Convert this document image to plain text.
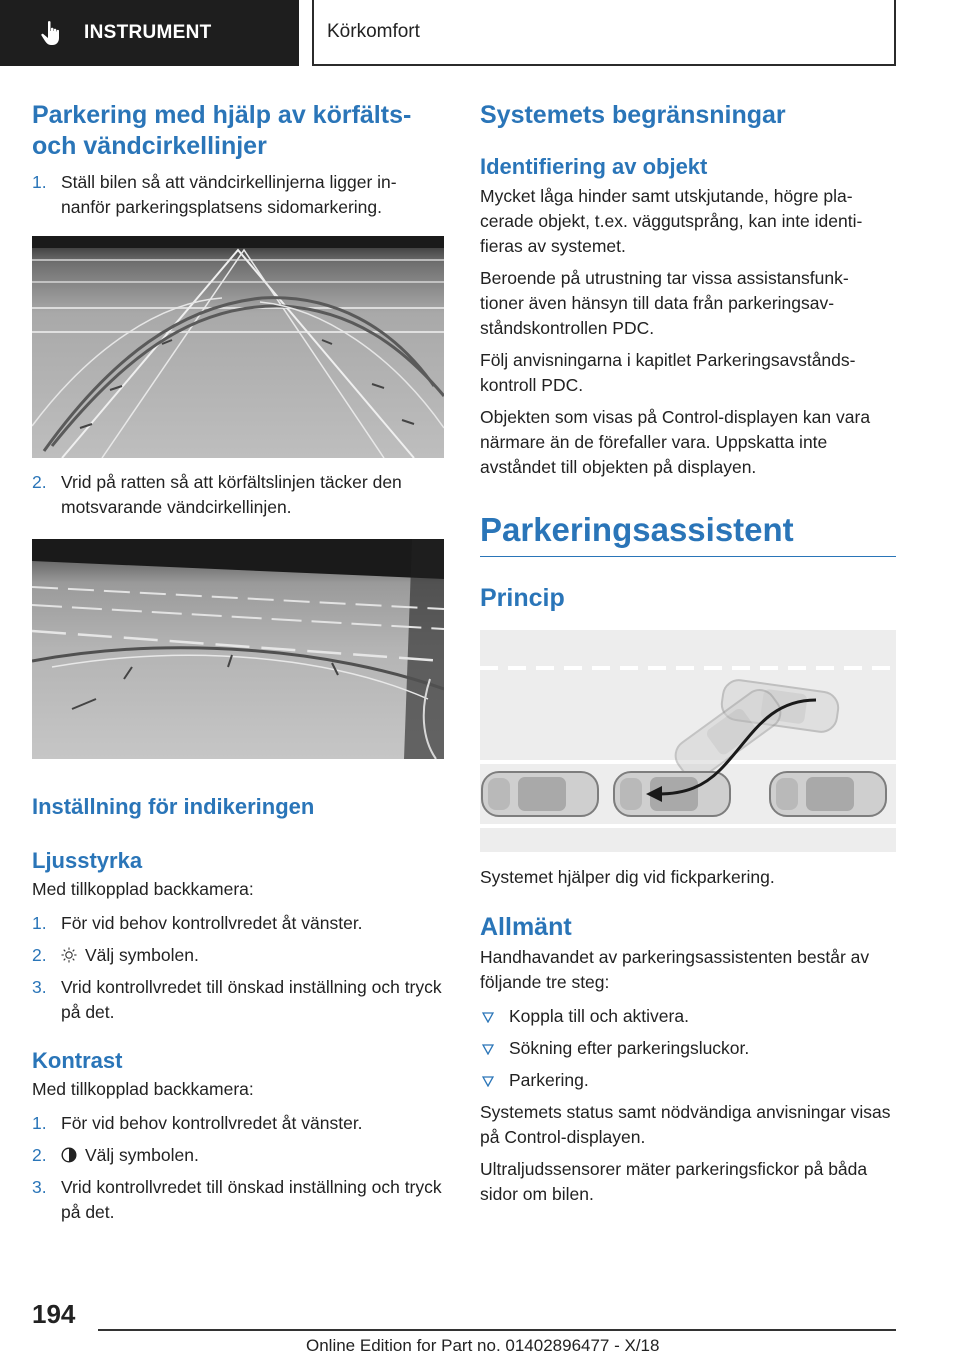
INSTRUMENT	Körkomfort
Parkering med hjälp av körfälts- och vändcirkellinjer
1. Ställ bilen så att vändcirkellinjerna ligger in- nanför parkeringsplatsens sidomarkering.
2. Vrid på ratten så att körfältslinjen täcker den motsvarande vändcirkellinjen.
Inställning för indikeringen
Ljusstyrka

Med tillkopplad backkamera:

1. För vid behov kontrollvredet åt vänster.
2. Välj symbolen.
3. Vrid kontrollvredet till önskad inställning och tryck på det.
Kontrast

Med tillkopplad backkamera:

1. För vid behov kontrollvredet åt vänster.
2. Välj symbolen.
3. Vrid kontrollvredet till önskad inställning och tryck på det.
Systemets begränsningar
Identifiering av objekt

Mycket låga hinder samt utskjutande, högre pla- cerade objekt, t.ex. väggutsprång, kan inte identi- fieras av systemet.

Beroende på utrustning tar vissa assistansfunk- tioner även hänsyn till data från parkeringsav- ståndskontrollen PDC.

Följ anvisningarna i kapitlet Parkeringsavstånds- kontroll PDC.

Objekten som visas på Control-displayen kan vara närmare än de förefaller vara. Uppskatta inte avståndet till objekten på displayen.

Parkeringsassistent
Princip

Systemet hjälper dig vid fickparkering.

Allmänt

Handhavandet av parkeringsassistenten består av följande tre steg:

Koppla till och aktivera.
Sökning efter parkeringsluckor.
Parkering.

Systemets status samt nödvändiga anvisningar visas på Control-displayen.

Ultraljudssensorer mäter parkeringsfickor på båda sidor om bilen.

194
Online Edition for Part no. 01402896477 - X/18
